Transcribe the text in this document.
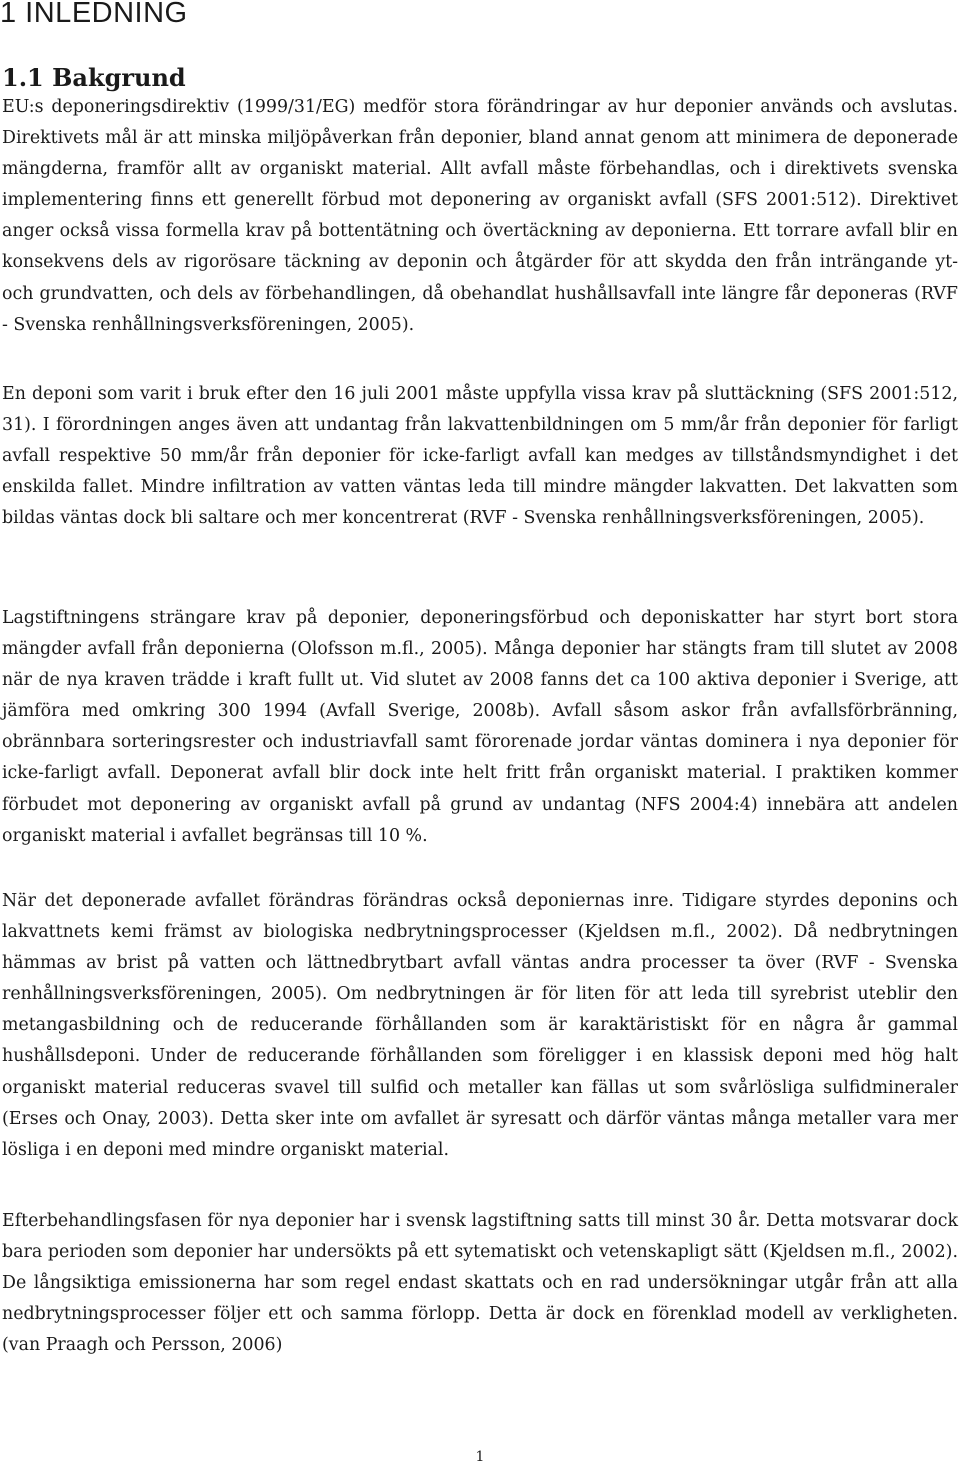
1 INLEDNING
1.1 Bakgrund

EU:s deponeringsdirektiv (1999/31/EG) medför stora förändringar av hur deponier används och avslutas. Direktivets mål är att minska miljöpåverkan från deponier, bland annat genom att minimera de deponerade mängderna, framför allt av organiskt material. Allt avfall måste förbehandlas, och i direktivets svenska implementering finns ett generellt förbud mot deponering av organiskt avfall (SFS 2001:512). Direktivet anger också vissa formella krav på bottentätning och övertäckning av deponierna. Ett torrare avfall blir en konsekvens dels av rigorösare täckning av deponin och åtgärder för att skydda den från inträngande yt- och grundvatten, och dels av förbehandlingen, då obehandlat hushållsavfall inte längre får deponeras (RVF - Svenska renhållningsverksföreningen, 2005).

En deponi som varit i bruk efter den 16 juli 2001 måste uppfylla vissa krav på sluttäckning (SFS 2001:512, 31). I förordningen anges även att undantag från lakvattenbildningen om 5 mm/år från deponier för farligt avfall respektive 50 mm/år från deponier för icke-farligt avfall kan medges av tillståndsmyndighet i det enskilda fallet. Mindre infiltration av vatten väntas leda till mindre mängder lakvatten. Det lakvatten som bildas väntas dock bli saltare och mer koncentrerat (RVF - Svenska renhållningsverksföreningen, 2005).

Lagstiftningens strängare krav på deponier, deponeringsförbud och deponiskatter har styrt bort stora mängder avfall från deponierna (Olofsson m.fl., 2005). Många deponier har stängts fram till slutet av 2008 när de nya kraven trädde i kraft fullt ut. Vid slutet av 2008 fanns det ca 100 aktiva deponier i Sverige, att jämföra med omkring 300 1994 (Avfall Sverige, 2008b). Avfall såsom askor från avfallsförbränning, obrännbara sorteringsrester och industriavfall samt förorenade jordar väntas dominera i nya deponier för icke-farligt avfall. Deponerat avfall blir dock inte helt fritt från organiskt material. I praktiken kommer förbudet mot deponering av organiskt avfall på grund av undantag (NFS 2004:4) innebära att andelen organiskt material i avfallet begränsas till 10 %.

När det deponerade avfallet förändras förändras också deponiernas inre. Tidigare styrdes deponins och lakvattnets kemi främst av biologiska nedbrytningsprocesser (Kjeldsen m.fl., 2002). Då nedbrytningen hämmas av brist på vatten och lättnedbrytbart avfall väntas andra processer ta över (RVF - Svenska renhållningsverksföreningen, 2005). Om nedbrytningen är för liten för att leda till syrebrist uteblir den metangasbildning och de reducerande förhållanden som är karaktäristiskt för en några år gammal hushållsdeponi. Under de reducerande förhållanden som föreligger i en klassisk deponi med hög halt organiskt material reduceras svavel till sulfid och metaller kan fällas ut som svårlösliga sulfidmineraler (Erses och Onay, 2003). Detta sker inte om avfallet är syresatt och därför väntas många metaller vara mer lösliga i en deponi med mindre organiskt material.

Efterbehandlingsfasen för nya deponier har i svensk lagstiftning satts till minst 30 år. Detta motsvarar dock bara perioden som deponier har undersökts på ett sytematiskt och vetenskapligt sätt (Kjeldsen m.fl., 2002). De långsiktiga emissionerna har som regel endast skattats och en rad undersökningar utgår från att alla nedbrytningsprocesser följer ett och samma förlopp. Detta är dock en förenklad modell av verkligheten. (van Praagh och Persson, 2006)

1
